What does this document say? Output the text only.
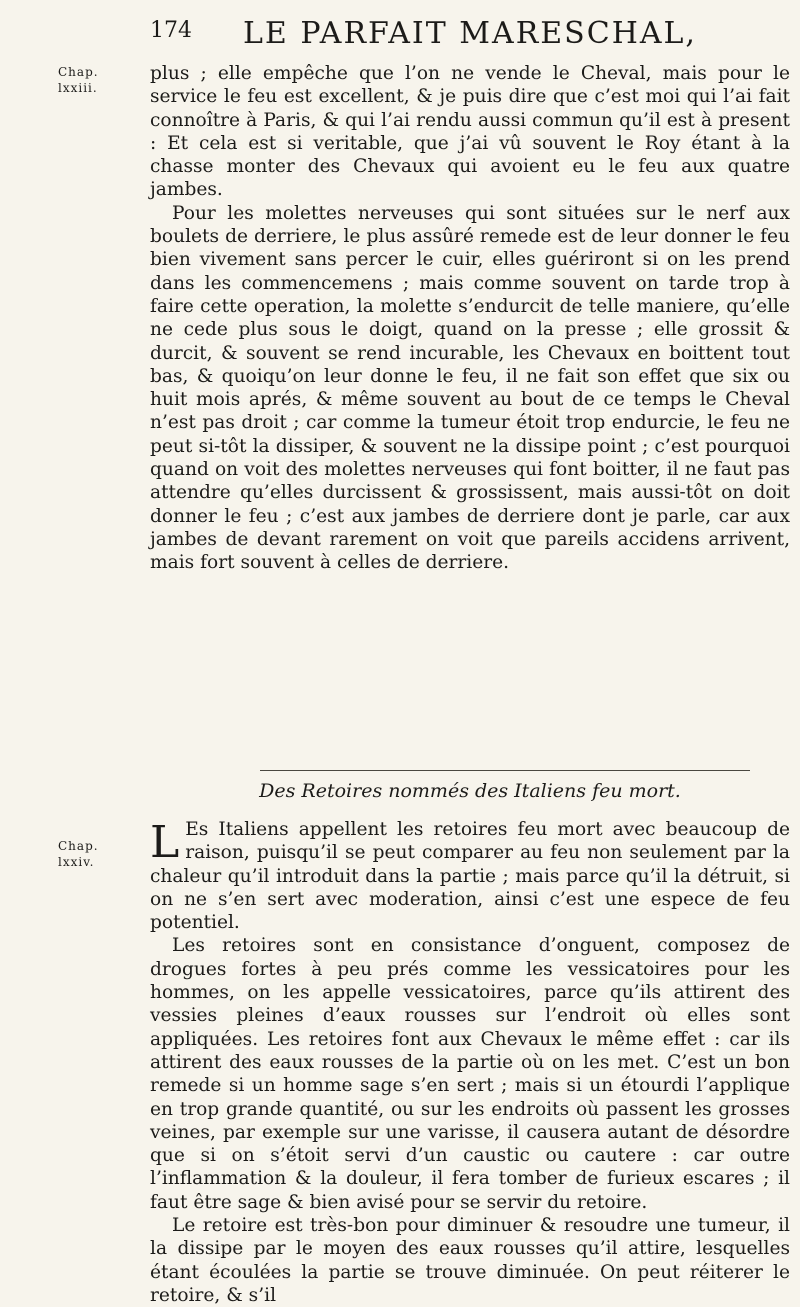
174	LE PARFAIT MARESCHAL,
Chap.
lxxiii.

plus ; elle empêche que l’on ne vende le Cheval, mais pour le service le feu est excellent, & je puis dire que c’est moi qui l’ai fait connoître à Paris, & qui l’ai rendu aussi commun qu’il est à present : Et cela est si veritable, que j’ai vû souvent le Roy étant à la chasse monter des Chevaux qui avoient eu le feu aux quatre jambes.

Pour les molettes nerveuses qui sont situées sur le nerf aux boulets de derriere, le plus assûré remede est de leur donner le feu bien vivement sans percer le cuir, elles guériront si on les prend dans les commencemens ; mais comme souvent on tarde trop à faire cette operation, la molette s’endurcit de telle maniere, qu’elle ne cede plus sous le doigt, quand on la presse ; elle grossit & durcit, & souvent se rend incurable, les Chevaux en boittent tout bas, & quoiqu’on leur donne le feu, il ne fait son effet que six ou huit mois aprés, & même souvent au bout de ce temps le Cheval n’est pas droit ; car comme la tumeur étoit trop endurcie, le feu ne peut si-tôt la dissiper, & souvent ne la dissipe point ; c’est pourquoi quand on voit des molettes nerveuses qui font boitter, il ne faut pas attendre qu’elles durcissent & grossissent, mais aussi-tôt on doit donner le feu ; c’est aux jambes de derriere dont je parle, car aux jambes de devant rarement on voit que pareils accidens arrivent, mais fort souvent à celles de derriere.

Des Retoires nommés des Italiens feu mort.
Chap.
lxxiv.	L Es Italiens appellent les retoires feu mort avec beaucoup de raison, puisqu’il se peut comparer au feu non seulement par la chaleur qu’il introduit dans la partie ; mais parce qu’il la détruit, si on ne s’en sert avec moderation, ainsi c’est une espece de feu potentiel.

Les retoires sont en consistance d’onguent, composez de drogues fortes à peu prés comme les vessicatoires pour les hommes, on les appelle vessicatoires, parce qu’ils attirent des vessies pleines d’eaux rousses sur l’endroit où elles sont appliquées. Les retoires font aux Chevaux le même effet : car ils attirent des eaux rousses de la partie où on les met. C’est un bon remede si un homme sage s’en sert ; mais si un étourdi l’applique en trop grande quantité, ou sur les endroits où passent les grosses veines, par exemple sur une varisse, il causera autant de désordre que si on s’étoit servi d’un caustic ou cautere : car outre l’inflammation & la douleur, il fera tomber de furieux escares ; il faut être sage & bien avisé pour se servir du retoire.

Le retoire est très-bon pour diminuer & resoudre une tumeur, il la dissipe par le moyen des eaux rousses qu’il attire, lesquelles étant écoulées la partie se trouve diminuée. On peut réiterer le retoire, & s’il
